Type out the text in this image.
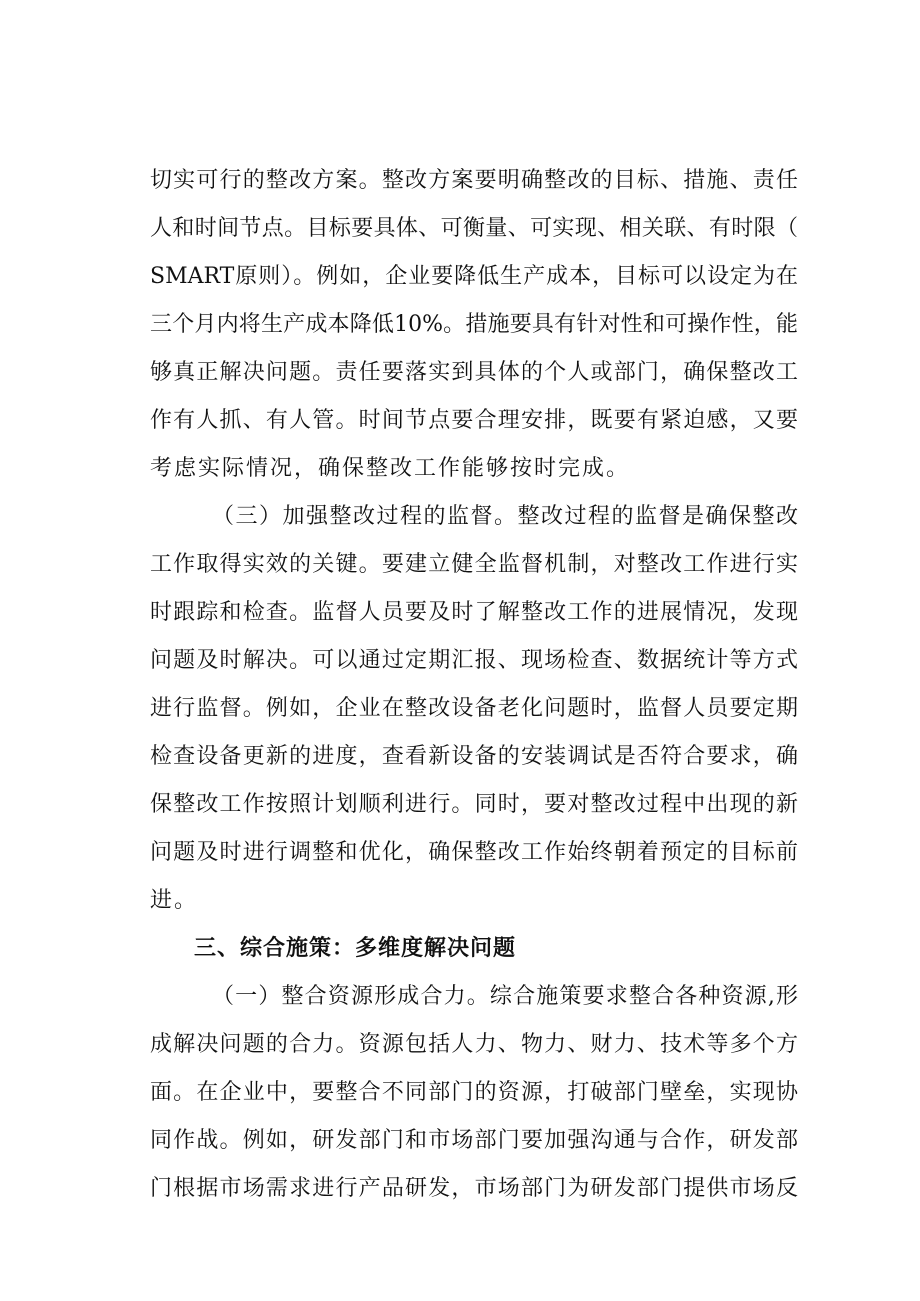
切实可行的整改方案。整改方案要明确整改的目标、措施、责任
人和时间节点。目标要具体、可衡量、可实现、相关联、有时限（
SMART原则）。例如，企业要降低生产成本，目标可以设定为在
三个月内将生产成本降低10%。措施要具有针对性和可操作性，能
够真正解决问题。责任要落实到具体的个人或部门，确保整改工
作有人抓、有人管。时间节点要合理安排，既要有紧迫感，又要
考虑实际情况，确保整改工作能够按时完成。
（三）加强整改过程的监督。整改过程的监督是确保整改
工作取得实效的关键。要建立健全监督机制，对整改工作进行实
时跟踪和检查。监督人员要及时了解整改工作的进展情况，发现
问题及时解决。可以通过定期汇报、现场检查、数据统计等方式
进行监督。例如，企业在整改设备老化问题时，监督人员要定期
检查设备更新的进度，查看新设备的安装调试是否符合要求，确
保整改工作按照计划顺利进行。同时，要对整改过程中出现的新
问题及时进行调整和优化，确保整改工作始终朝着预定的目标前
进。
三、综合施策：多维度解决问题
（一）整合资源形成合力。综合施策要求整合各种资源,形
成解决问题的合力。资源包括人力、物力、财力、技术等多个方
面。在企业中，要整合不同部门的资源，打破部门壁垒，实现协
同作战。例如，研发部门和市场部门要加强沟通与合作，研发部
门根据市场需求进行产品研发，市场部门为研发部门提供市场反
